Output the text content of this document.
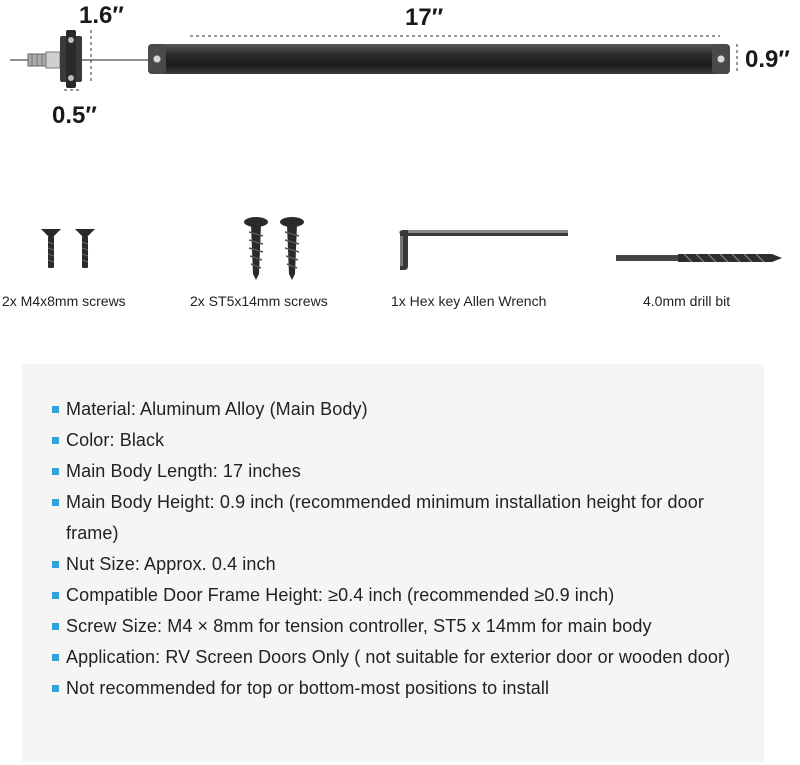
1.6″
0.5″
17″
0.9″
2x M4x8mm screws	2x ST5x14mm screws	1x Hex key Allen Wrench	4.0mm drill bit
Material: Aluminum Alloy (Main Body)
Color: Black
Main Body Length: 17 inches
Main Body Height: 0.9 inch (recommended minimum installation height for door frame)
Nut Size: Approx. 0.4 inch
Compatible Door Frame Height: ≥0.4 inch (recommended ≥0.9 inch)
Screw Size: M4 × 8mm for tension controller, ST5 x 14mm for main body
Application: RV Screen Doors Only ( not suitable for exterior door or wooden door)
Not recommended for top or bottom-most positions to install
